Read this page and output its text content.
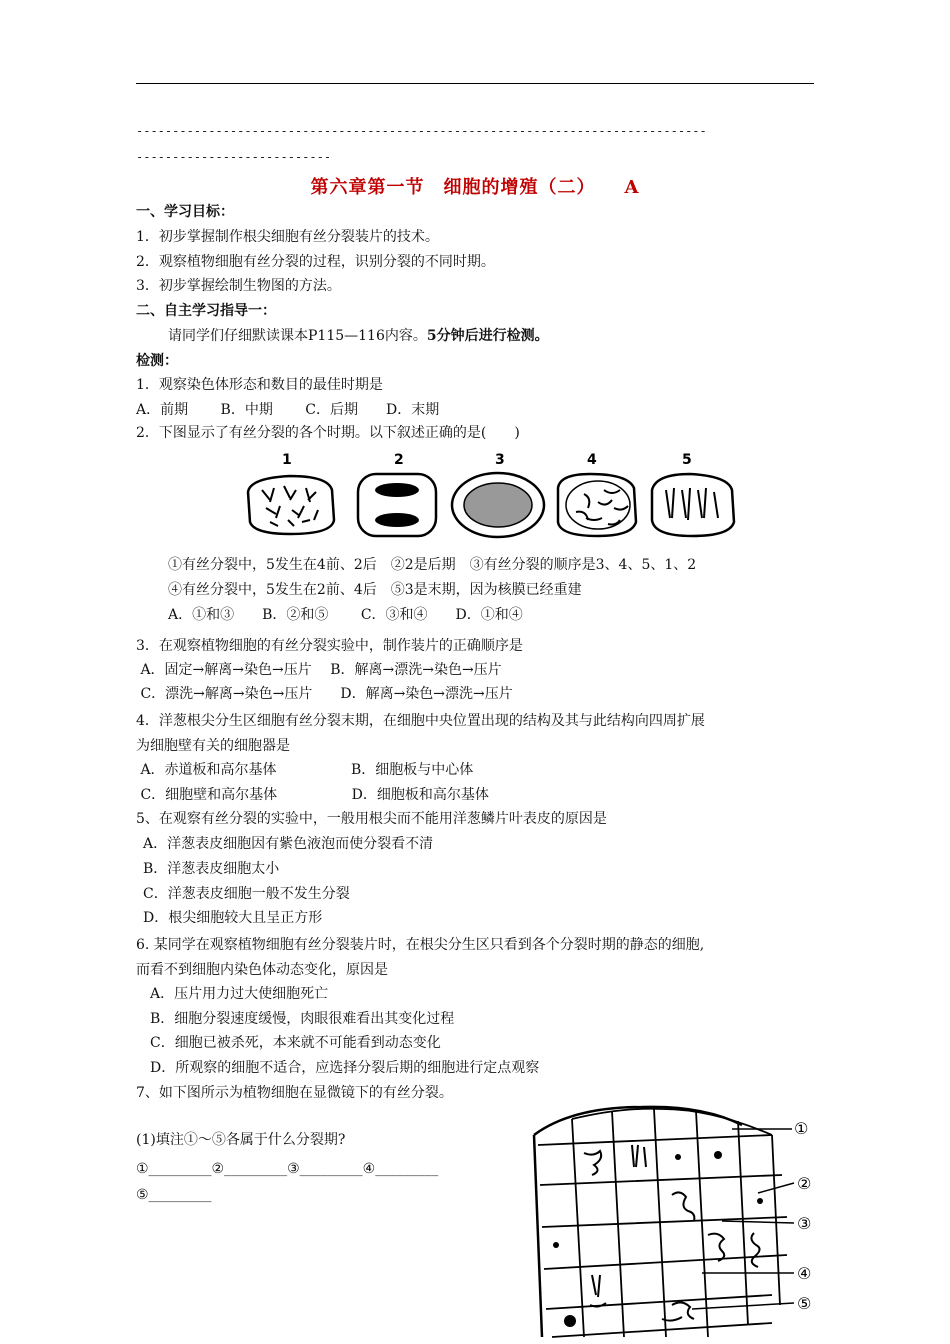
-------------------------------------------------------------------------------
---------------------------
第六章第一节　细胞的增殖（二）　　A
一、学习目标：
1．初步掌握制作根尖细胞有丝分裂装片的技术。
2．观察植物细胞有丝分裂的过程，识别分裂的不同时期。
3．初步掌握绘制生物图的方法。
二、自主学习指导一：
请同学们仔细默读课本P115—116内容。5分钟后进行检测。
检测：
1．观察染色体形态和数目的最佳时期是
A．前期　　 B．中期　　 C．后期　　D．末期
2．下图显示了有丝分裂的各个时期。以下叙述正确的是(　　)
1	2	3	4	5
①有丝分裂中，5发生在4前、2后　②2是后期　③有丝分裂的顺序是3、4、5、1、2
④有丝分裂中，5发生在2前、4后　⑤3是末期，因为核膜已经重建
A．①和③　　B．②和⑤　　 C．③和④　　D．①和④
3．在观察植物细胞的有丝分裂实验中，制作装片的正确顺序是
A．固定→解离→染色→压片　 B．解离→漂洗→染色→压片
C．漂洗→解离→染色→压片　　D．解离→染色→漂洗→压片
4．洋葱根尖分生区细胞有丝分裂末期，在细胞中央位置出现的结构及其与此结构向四周扩展
为细胞壁有关的细胞器是
A．赤道板和高尔基体　　　　　 B．细胞板与中心体
C．细胞壁和高尔基体　　　　　 D．细胞板和高尔基体
5、在观察有丝分裂的实验中，一般用根尖而不能用洋葱鳞片叶表皮的原因是
A．洋葱表皮细胞因有紫色液泡而使分裂看不清
B．洋葱表皮细胞太小
C．洋葱表皮细胞一般不发生分裂
D．根尖细胞较大且呈正方形
6. 某同学在观察植物细胞有丝分裂装片时，在根尖分生区只看到各个分裂时期的静态的细胞,
而看不到细胞内染色体动态变化，原因是
A．压片用力过大使细胞死亡
B．细胞分裂速度缓慢，肉眼很难看出其变化过程
C．细胞已被杀死，本来就不可能看到动态变化
D．所观察的细胞不适合，应选择分裂后期的细胞进行定点观察
7、如下图所示为植物细胞在显微镜下的有丝分裂。
(1)填注①～⑤各属于什么分裂期?
①_________②_________③_________④_________
⑤_________
①
②
③
④
⑤
